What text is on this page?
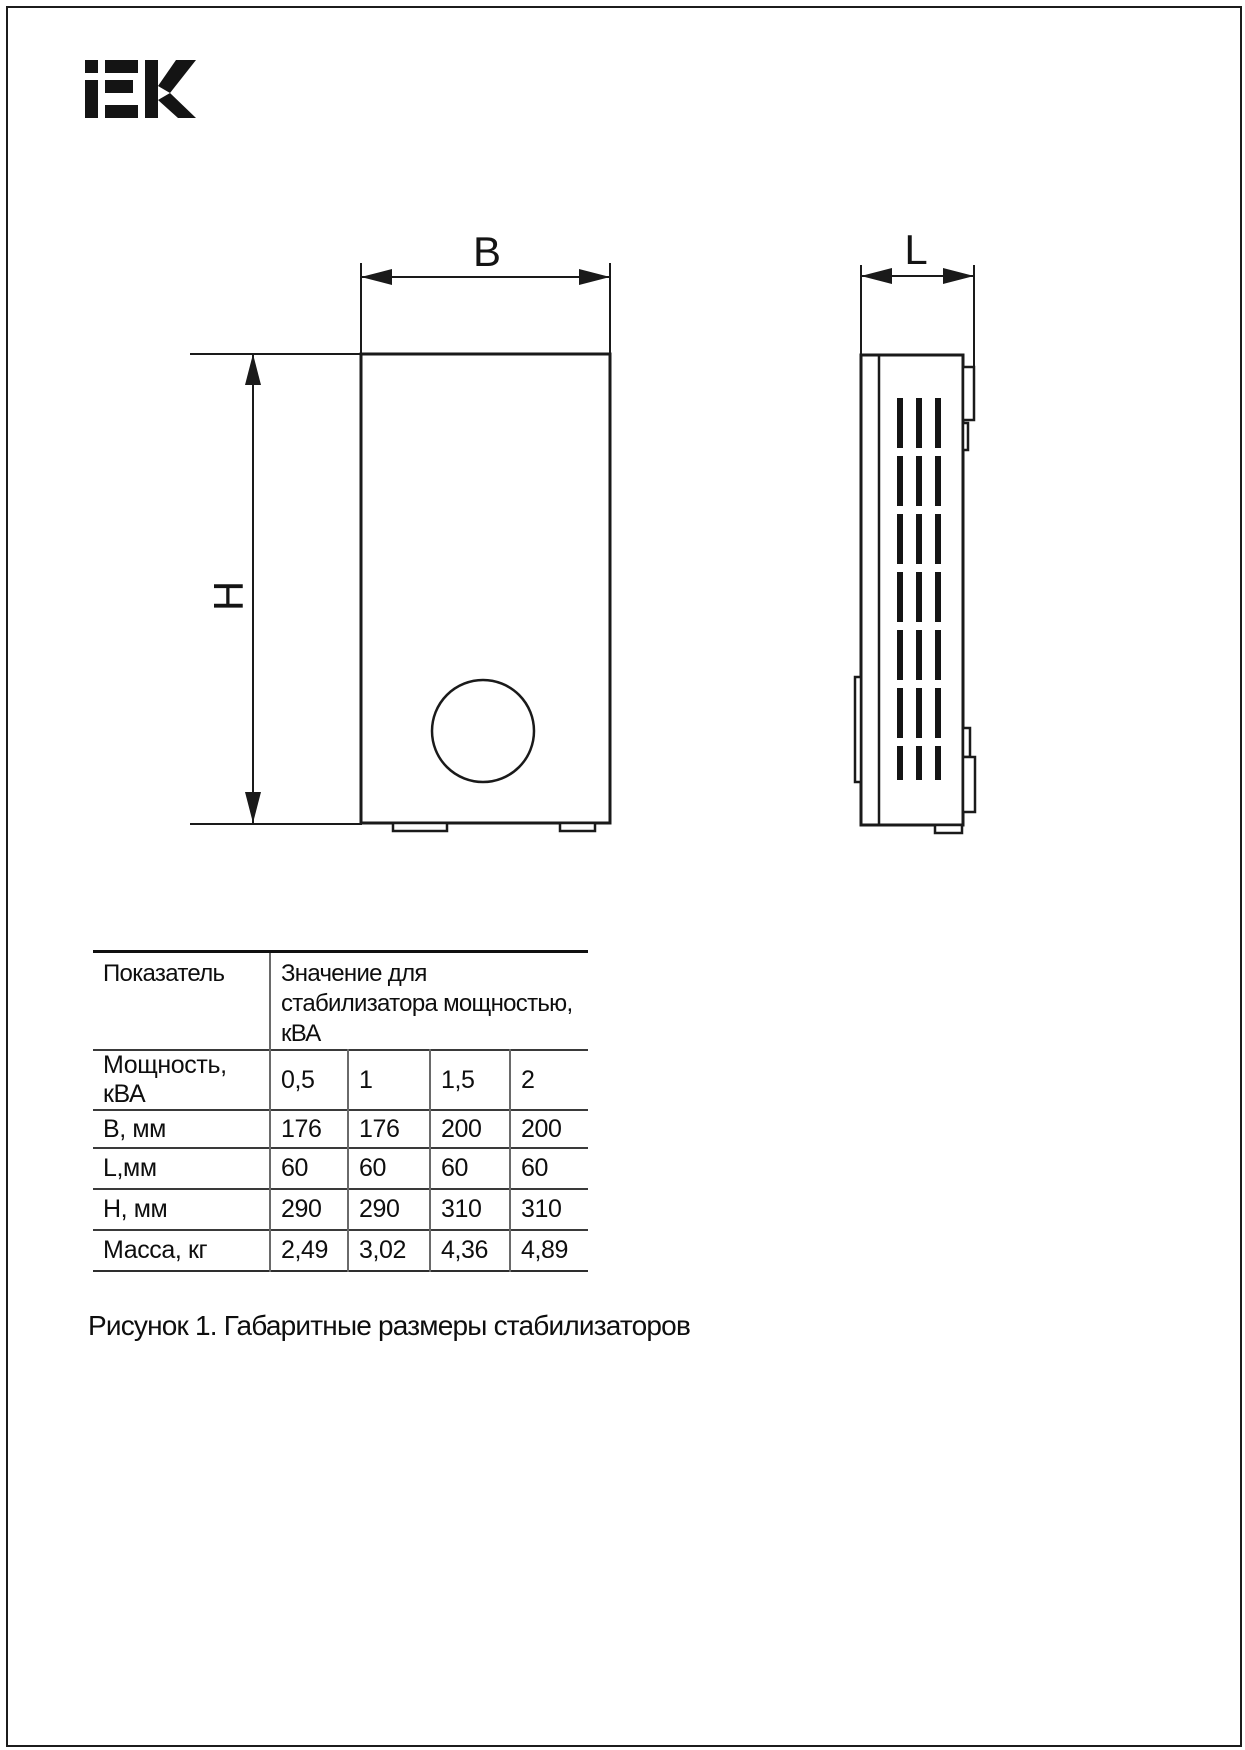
B	L
H
Показатель	Значение для стабилизатора мощностью, кВА			
Мощность, кВА	0,5	1	1,5	2
B, мм	176	176	200	200
L,мм	60	60	60	60
H, мм	290	290	310	310
Масса, кг	2,49	3,02	4,36	4,89
Рисунок 1. Габаритные размеры стабилизаторов
